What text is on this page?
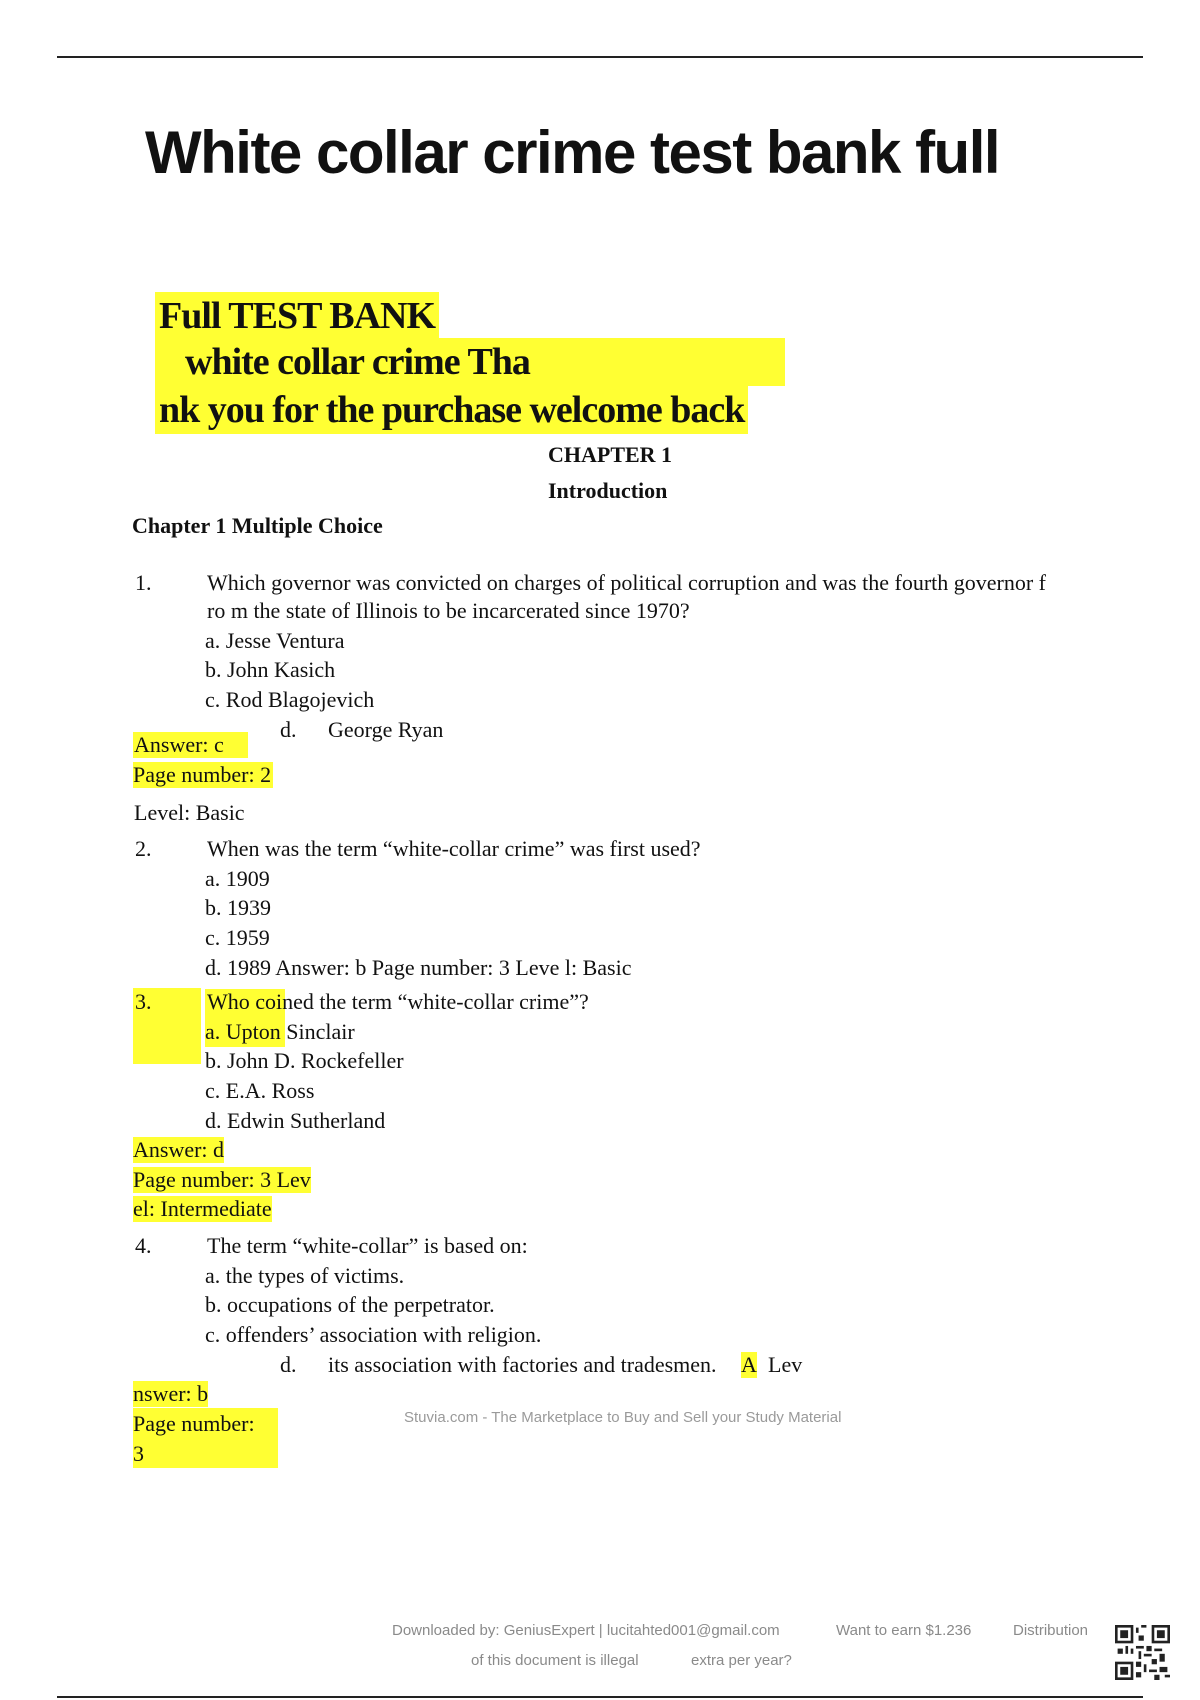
White collar crime test bank full
Full TEST BANK
white collar crime Tha
nk you for the purchase welcome back
CHAPTER 1
Introduction
Chapter 1 Multiple Choice
1.	Which governor was convicted on charges of political corruption and was the fourth governor f
ro m the state of Illinois to be incarcerated since 1970?
a. Jesse Ventura
b. John Kasich
c. Rod Blagojevich
d. George Ryan
Answer: c
Page number: 2
Level: Basic
2.	When was the term “white-collar crime” was first used?
a. 1909
b. 1939
c. 1959
d. 1989 Answer: b Page number: 3 Leve l: Basic
3.	Who coined the term “white-collar crime”?
a. Upton Sinclair
b. John D. Rockefeller
c. E.A. Ross
d. Edwin Sutherland
Answer: d
Page number: 3 Lev
el: Intermediate
4.	The term “white-collar” is based on:
a. the types of victims.
b. occupations of the perpetrator.
c. offenders’ association with religion.
d. its association with factories and tradesmen. A Lev
nswer: b
Page number:
3
Stuvia.com - The Marketplace to Buy and Sell your Study Material
Downloaded by: GeniusExpert | lucitahted001@gmail.com	Want to earn $1.236
extra per year?
Distribution
of this document is illegal
